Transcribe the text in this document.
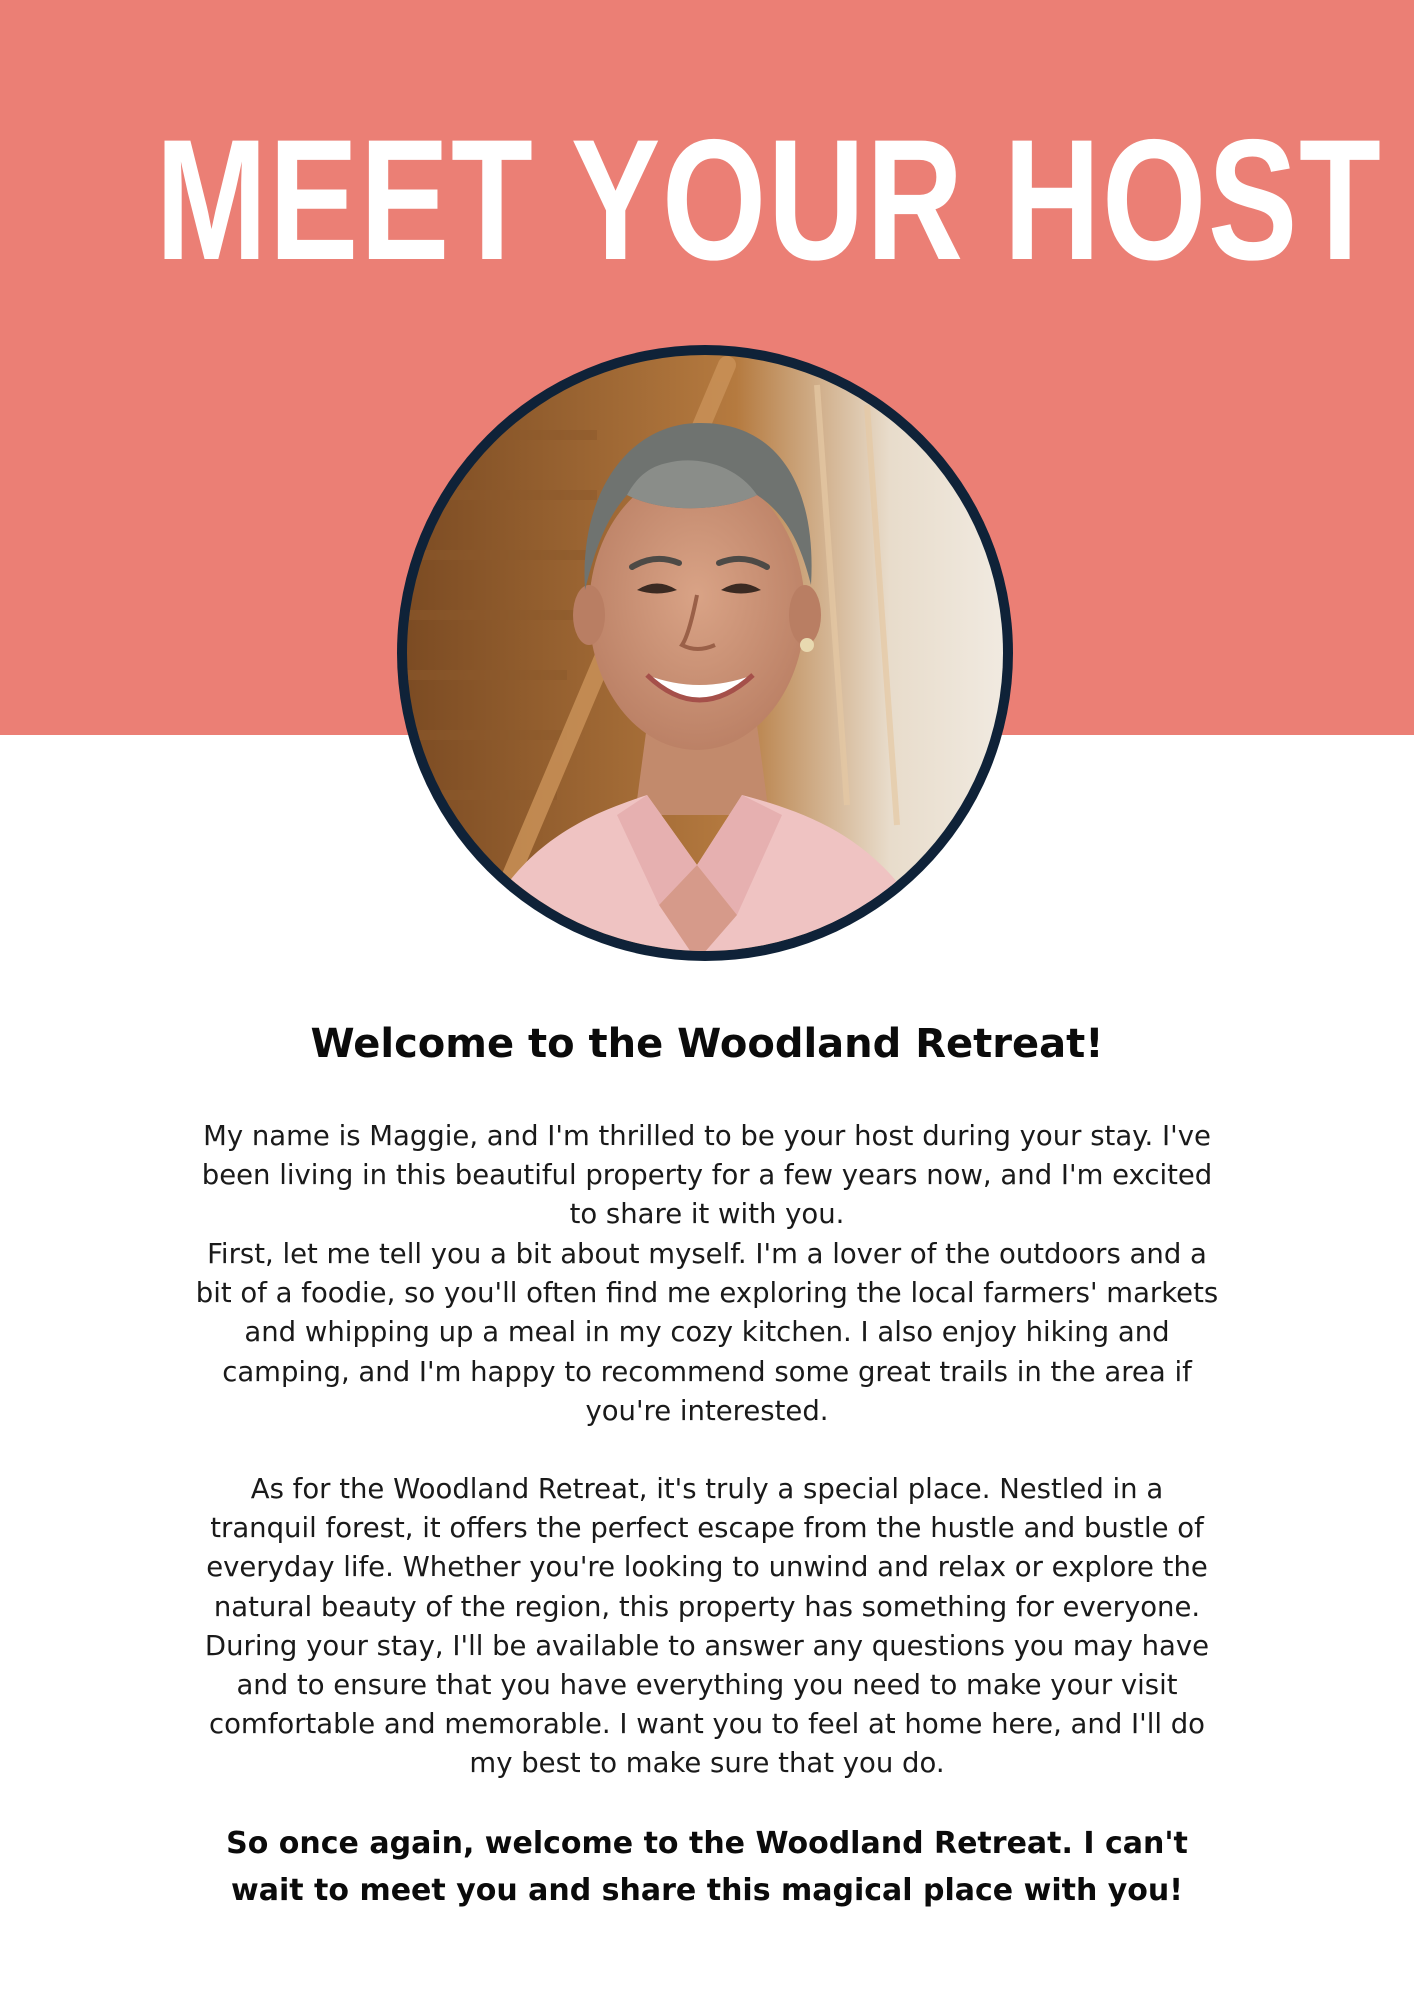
MEET YOUR HOST
Welcome to the Woodland Retreat!

My name is Maggie, and I'm thrilled to be your host during your stay. I've been living in this beautiful property for a few years now, and I'm excited to share it with you.

First, let me tell you a bit about myself. I'm a lover of the outdoors and a bit of a foodie, so you'll often find me exploring the local farmers' markets and whipping up a meal in my cozy kitchen. I also enjoy hiking and camping, and I'm happy to recommend some great trails in the area if you're interested.

As for the Woodland Retreat, it's truly a special place. Nestled in a tranquil forest, it offers the perfect escape from the hustle and bustle of everyday life. Whether you're looking to unwind and relax or explore the natural beauty of the region, this property has something for everyone. During your stay, I'll be available to answer any questions you may have and to ensure that you have everything you need to make your visit comfortable and memorable. I want you to feel at home here, and I'll do my best to make sure that you do.

So once again, welcome to the Woodland Retreat. I can't wait to meet you and share this magical place with you!
